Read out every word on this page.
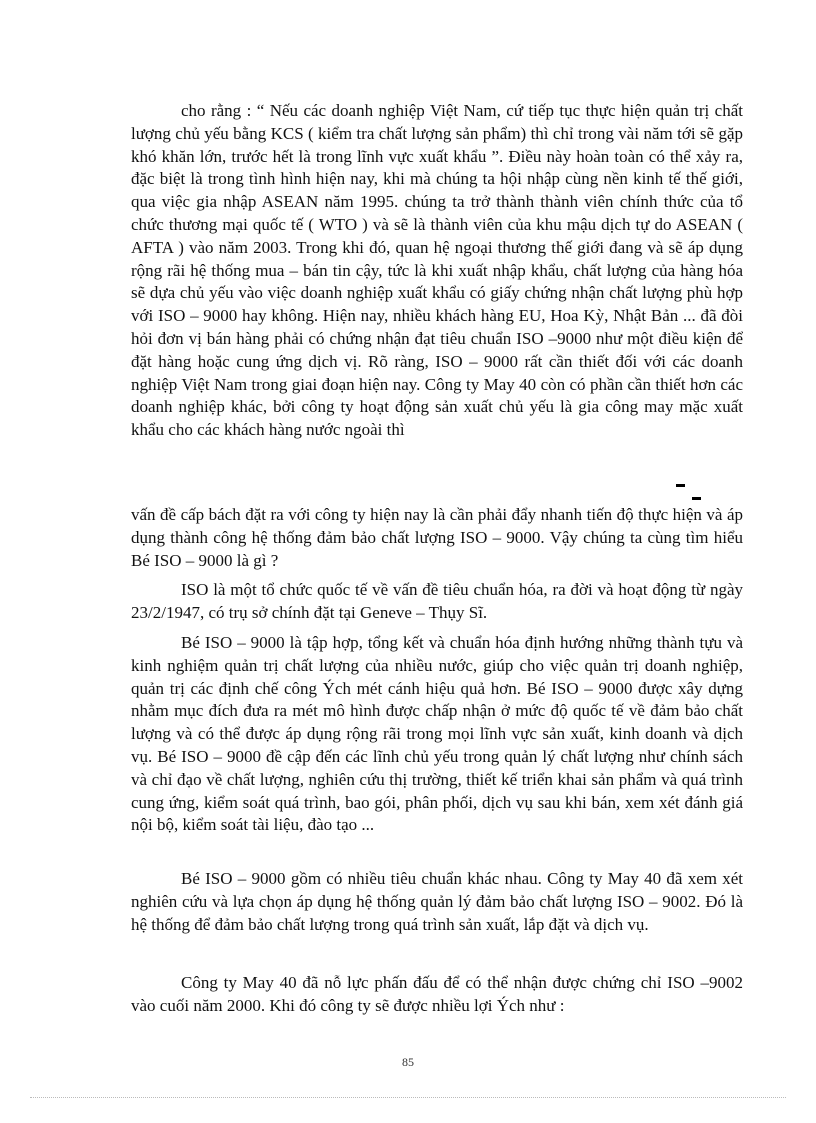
cho rằng : “ Nếu các doanh nghiệp Việt Nam, cứ tiếp tục thực hiện quản trị chất lượng chủ yếu bằng KCS ( kiểm tra chất lượng sản phẩm) thì chỉ trong vài năm tới sẽ gặp khó khăn lớn, trước hết là trong lĩnh vực xuất khẩu ”. Điều này hoàn toàn có thể xảy ra, đặc biệt là trong tình hình hiện nay, khi mà chúng ta hội nhập cùng nền kinh tế thế giới, qua việc gia nhập ASEAN năm 1995. chúng ta trở thành thành viên chính thức của tổ chức thương mại quốc tế ( WTO ) và sẽ là thành viên của khu mậu dịch tự do ASEAN ( AFTA ) vào năm 2003. Trong khi đó, quan hệ ngoại thương thế giới đang và sẽ áp dụng rộng rãi hệ thống mua – bán tin cậy, tức là khi xuất nhập khẩu, chất lượng của hàng hóa sẽ dựa chủ yếu vào việc doanh nghiệp xuất khẩu có giấy chứng nhận chất lượng phù hợp với ISO – 9000 hay không. Hiện nay, nhiều khách hàng EU, Hoa Kỳ, Nhật Bản ... đã đòi hỏi đơn vị bán hàng phải có chứng nhận đạt tiêu chuẩn ISO –9000 như một điều kiện để đặt hàng hoặc cung ứng dịch vị. Rõ ràng, ISO – 9000 rất cần thiết đối với các doanh nghiệp Việt Nam trong giai đoạn hiện nay. Công ty May 40 còn có phần cần thiết hơn các doanh nghiệp khác, bởi công ty hoạt động sản xuất chủ yếu là gia công may mặc xuất khẩu cho các khách hàng nước ngoài thì

vấn đề cấp bách đặt ra với công ty hiện nay là cần phải đẩy nhanh tiến độ thực hiện và áp dụng thành công hệ thống đảm bảo chất lượng ISO – 9000. Vậy chúng ta cùng tìm hiểu Bé ISO – 9000 là gì ?

ISO là một tổ chức quốc tế về vấn đề tiêu chuẩn hóa, ra đời và hoạt động từ ngày 23/2/1947, có trụ sở chính đặt tại Geneve – Thụy Sĩ.

Bé ISO – 9000 là tập hợp, tổng kết và chuẩn hóa định hướng những thành tựu và kinh nghiệm quản trị chất lượng của nhiều nước, giúp cho việc quản trị doanh nghiệp, quản trị các định chế công Ých mét cánh hiệu quả hơn. Bé ISO – 9000 được xây dựng nhằm mục đích đưa ra mét mô hình được chấp nhận ở mức độ quốc tế về đảm bảo chất lượng và có thể được áp dụng rộng rãi trong mọi lĩnh vực sản xuất, kinh doanh và dịch vụ. Bé ISO – 9000 đề cập đến các lĩnh chủ yếu trong quản lý chất lượng như chính sách và chỉ đạo về chất lượng, nghiên cứu thị trường, thiết kế triển khai sản phẩm và quá trình cung ứng, kiểm soát quá trình, bao gói, phân phối, dịch vụ sau khi bán, xem xét đánh giá nội bộ, kiểm soát tài liệu, đào tạo ...

Bé ISO – 9000 gồm có nhiều tiêu chuẩn khác nhau. Công ty May 40 đã xem xét nghiên cứu và lựa chọn áp dụng hệ thống quản lý đảm bảo chất lượng ISO – 9002. Đó là hệ thống để đảm bảo chất lượng trong quá trình sản xuất, lắp đặt và dịch vụ.

Công ty May 40 đã nỗ lực phấn đấu để có thể nhận được chứng chỉ ISO –9002 vào cuối năm 2000. Khi đó công ty sẽ được nhiều lợi Ých như :

85
